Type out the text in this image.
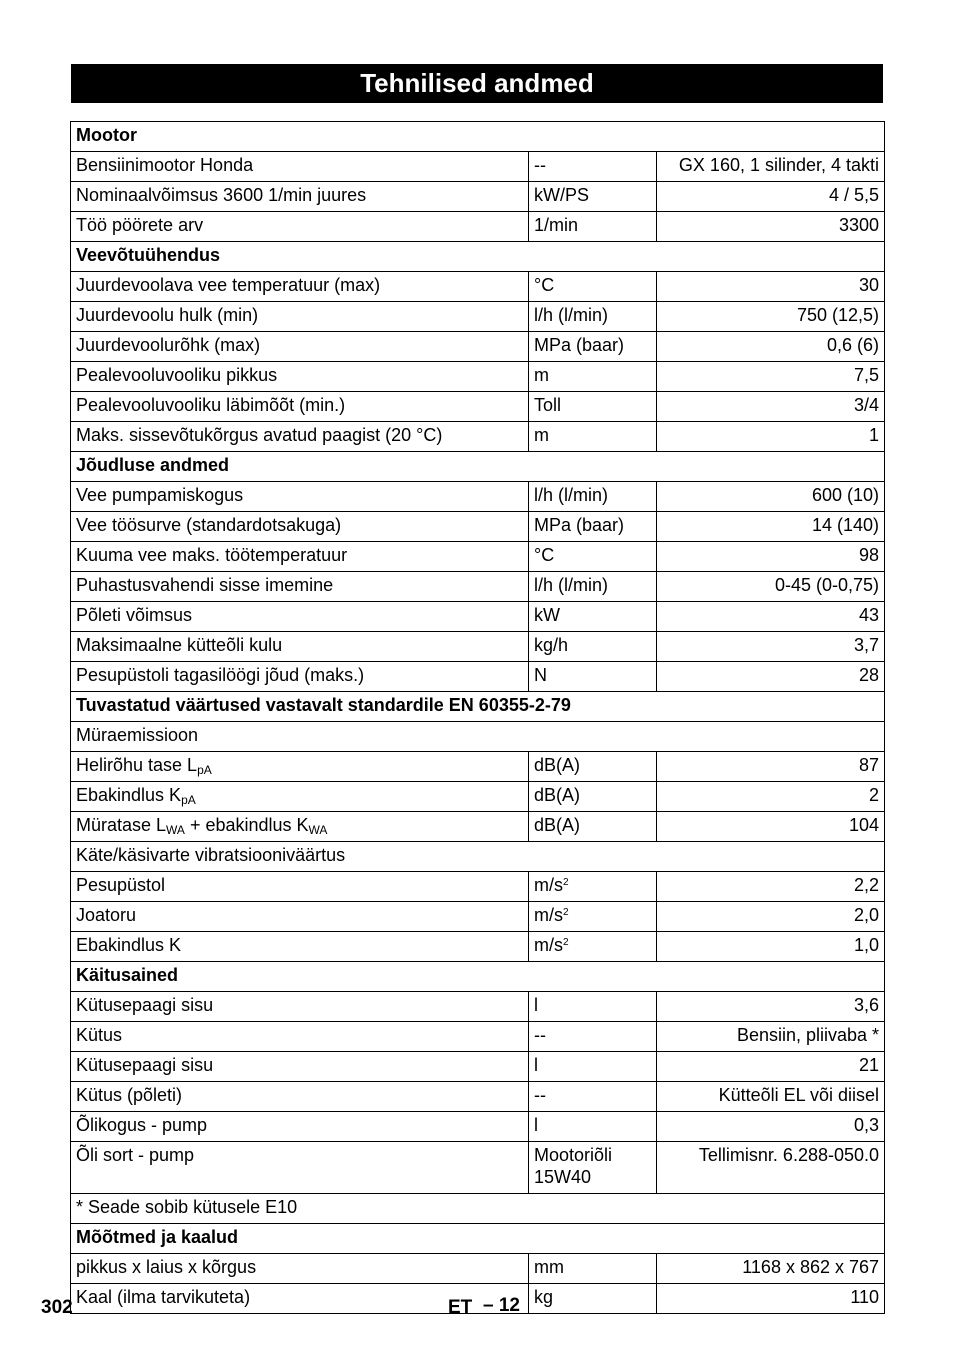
Tehnilised andmed
Mootor		
Bensiinimootor Honda	--	GX 160, 1 silinder, 4 takti
Nominaalvõimsus 3600 1/min juures	kW/PS	4 / 5,5
Töö pöörete arv	1/min	3300
Veevõtuühendus		
Juurdevoolava vee temperatuur (max)	°C	30
Juurdevoolu hulk (min)	l/h (l/min)	750 (12,5)
Juurdevoolurõhk (max)	MPa (baar)	0,6 (6)
Pealevooluvooliku pikkus	m	7,5
Pealevooluvooliku läbimõõt (min.)	Toll	3/4
Maks. sissevõtukõrgus avatud paagist (20 °C)	m	1
Jõudluse andmed		
Vee pumpamiskogus	l/h (l/min)	600 (10)
Vee töösurve (standardotsakuga)	MPa (baar)	14 (140)
Kuuma vee maks. töötemperatuur	°C	98
Puhastusvahendi sisse imemine	l/h (l/min)	0-45 (0-0,75)
Põleti võimsus	kW	43
Maksimaalne kütteõli kulu	kg/h	3,7
Pesupüstoli tagasilöögi jõud (maks.)	N	28
Tuvastatud väärtused vastavalt standardile EN 60355-2-79		
Müraemissioon		
Helirõhu tase $L_{pA}$	dB(A)	87
Ebakindlus $K_{pA}$	dB(A)	2
Müratase $L_{WA}$ + ebakindlus $K_{WA}$	dB(A)	104
Käte/käsivarte vibratsiooniväärtus		
Pesupüstol	$m/s^2$	2,2
Joatoru	$m/s^2$	2,0
Ebakindlus K	$m/s^2$	1,0
Käitusained		
Kütusepaagi sisu	l	3,6
Kütus	--	Bensiin, pliivaba *
Kütusepaagi sisu	l	21
Kütus (põleti)	--	Kütteõli EL või diisel
Õlikogus - pump	l	0,3
Õli sort - pump	Mootoriõli 15W40	Tellimisnr. 6.288-050.0
* Seade sobib kütusele E10		
Mõõtmed ja kaalud		
pikkus x laius x kõrgus	mm	1168 x 862 x 767
Kaal (ilma tarvikuteta)	kg	110
302	ET – 12
